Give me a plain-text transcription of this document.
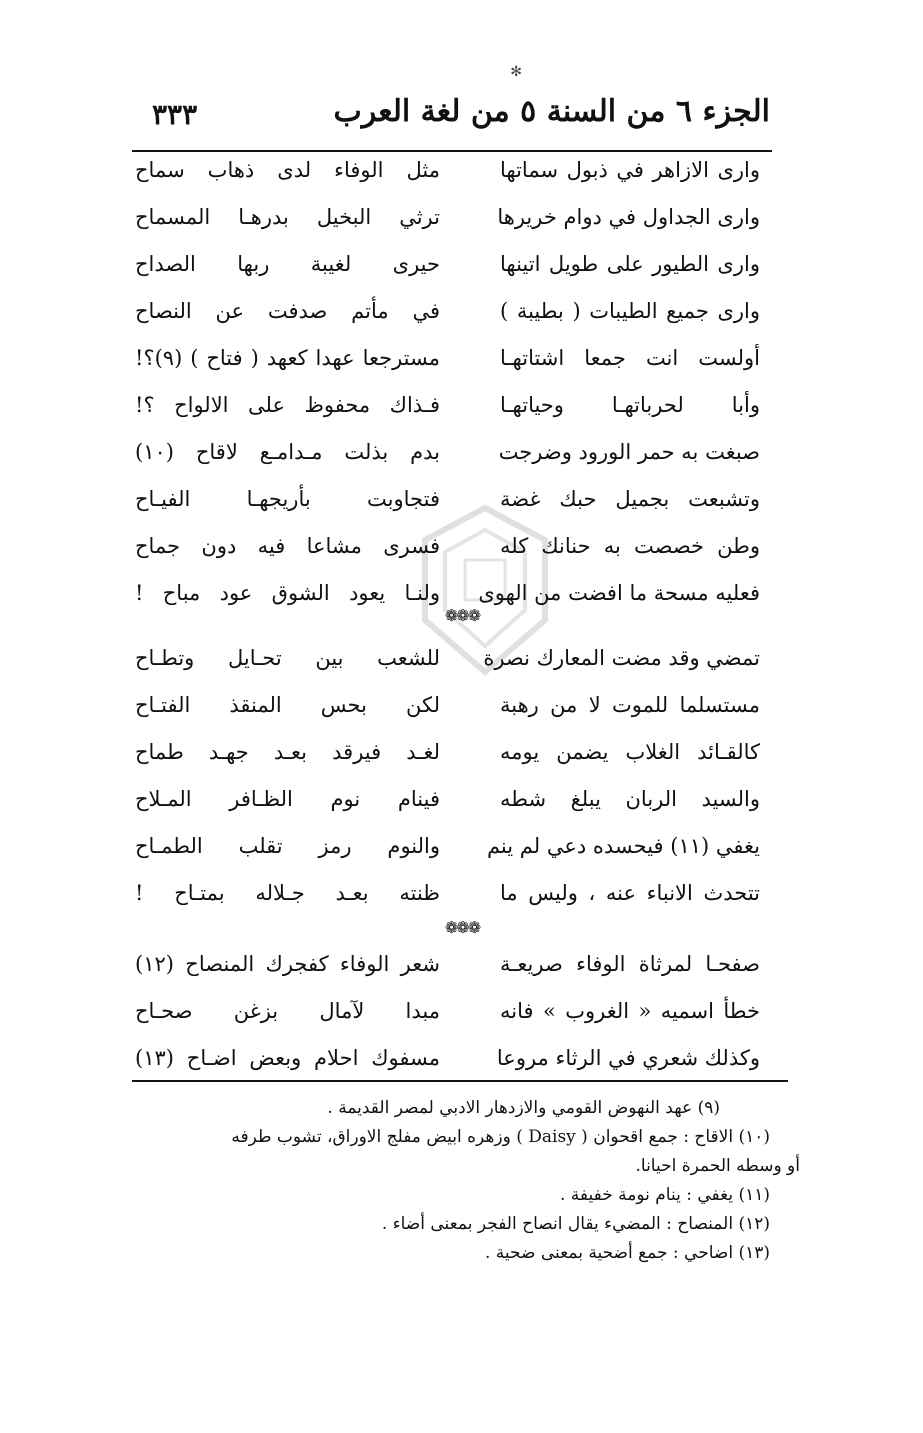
✻
الجزء ٦ من السنة ٥ من لغة العرب
٣٣٣
واری الازاهر في ذبول سماتها
مثل الوفاء لدى ذهاب سماح
واری الجداول في دوام خريرها
ترثي البخيل بدرهـا المسماح
واری الطيور على طويل اتينها
حيرى لغيبة ربها الصداح
واری جميع الطيبات ( بطيبة )
في مأتم صدفت عن النصاح
أولست انت جمعا اشتاتهـا
مسترجعا عهدا كعهد ( فتاح ) (٩)؟!
وأبا لحرباتهـا وحياتهـا
فـذاك محفوظ على الالواح ؟!
صبغت به حمر الورود وضرجت
بدم بذلت مـدامـع لاقاح (١٠)
وتشبعت بجميل حبك غضة
فتجاوبت بأريجهـا الفيـاح
وطن خصصت به حنانك كله
فسرى مشاعا فيه دون جماح
فعليه مسحة ما افضت من الهوى
ولنـا يعود الشوق عود مباح !
❁❁❁
تمضي وقد مضت المعارك نصرة
للشعب بين تحـايل وتطـاح
مستسلما للموت لا من رهبة
لكن بحس المنقذ الفتـاح
كالقـائد الغلاب يضمن يومه
لغـد فيرقد بعـد جهـد طماح
والسيد الربان يبلغ شطه
فينام نوم الظـافر المـلاح
يغفي (١١) فيحسده دعي لم ينم
والنوم رمز تقلب الطمـاح
تتحدث الانباء عنه ، وليس ما
ظنته بعـد جـلاله بمتـاح !
❁❁❁
صفحـا لمرثاة الوفاء صريعـة
شعر الوفاء كفجرك المنصاح (١٢)
خطأ اسميه « الغروب » فانه
مبدا لآمال بزغن صحـاح
وكذلك شعري في الرثاء مروعا
مسفوك احلام وبعض اضـاح (١٣)
(٩) عهد النهوض القومي والازدهار الادبي لمصر القديمة .
(١٠) الاقاح : جمع اقحوان ( Daisy ) وزهره ابيض مفلج الاوراق، تشوب طرفه
أو وسطه الحمرة احيانا.
(١١) يغفي : ينام نومة خفيفة .
(١٢) المنصاح : المضيء يقال انصاح الفجر بمعنى أضاء .
(١٣) اضاحي : جمع أضحية بمعنى ضحية .
